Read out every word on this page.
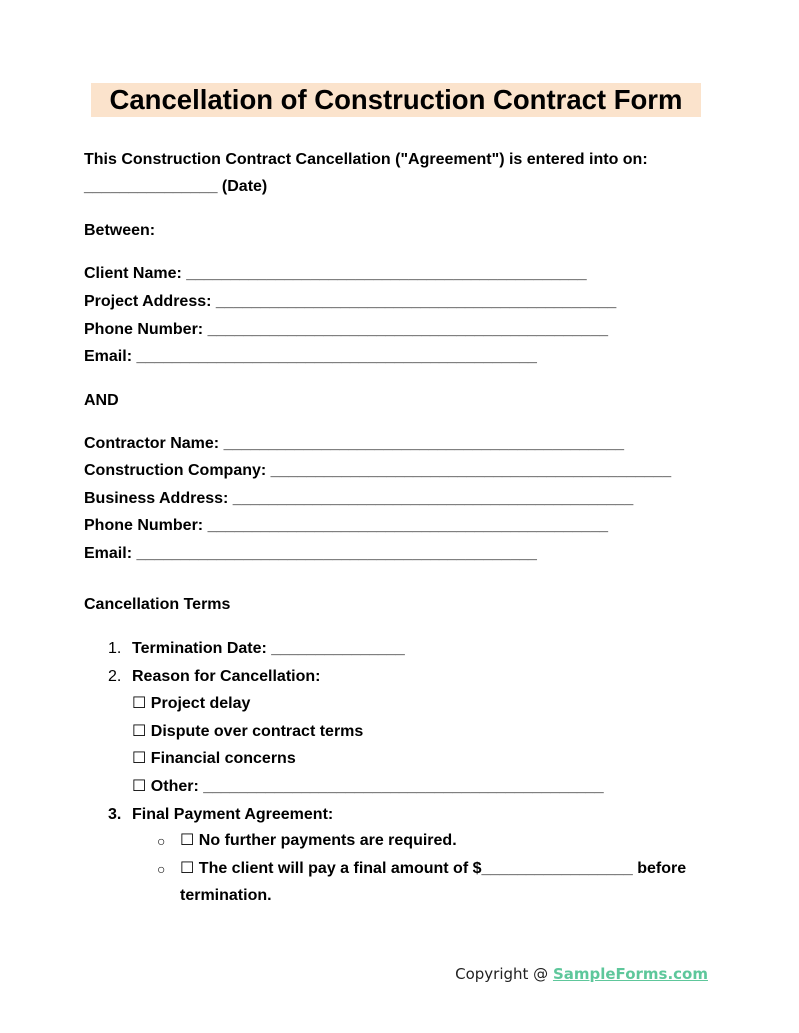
Cancellation of Construction Contract Form
This Construction Contract Cancellation ("Agreement") is entered into on:
_______________ (Date)
Between:
Client Name: _____________________________________________
Project Address: _____________________________________________
Phone Number: _____________________________________________
Email: _____________________________________________
AND
Contractor Name: _____________________________________________
Construction Company: _____________________________________________
Business Address: _____________________________________________
Phone Number: _____________________________________________
Email: _____________________________________________
Cancellation Terms
1. Termination Date: _______________
2. Reason for Cancellation:
☐ Project delay
☐ Dispute over contract terms
☐ Financial concerns
☐ Other: _____________________________________________
3. Final Payment Agreement:
○ ☐ No further payments are required.
○ ☐ The client will pay a final amount of $_________________ before
termination.
Copyright @ SampleForms.com
